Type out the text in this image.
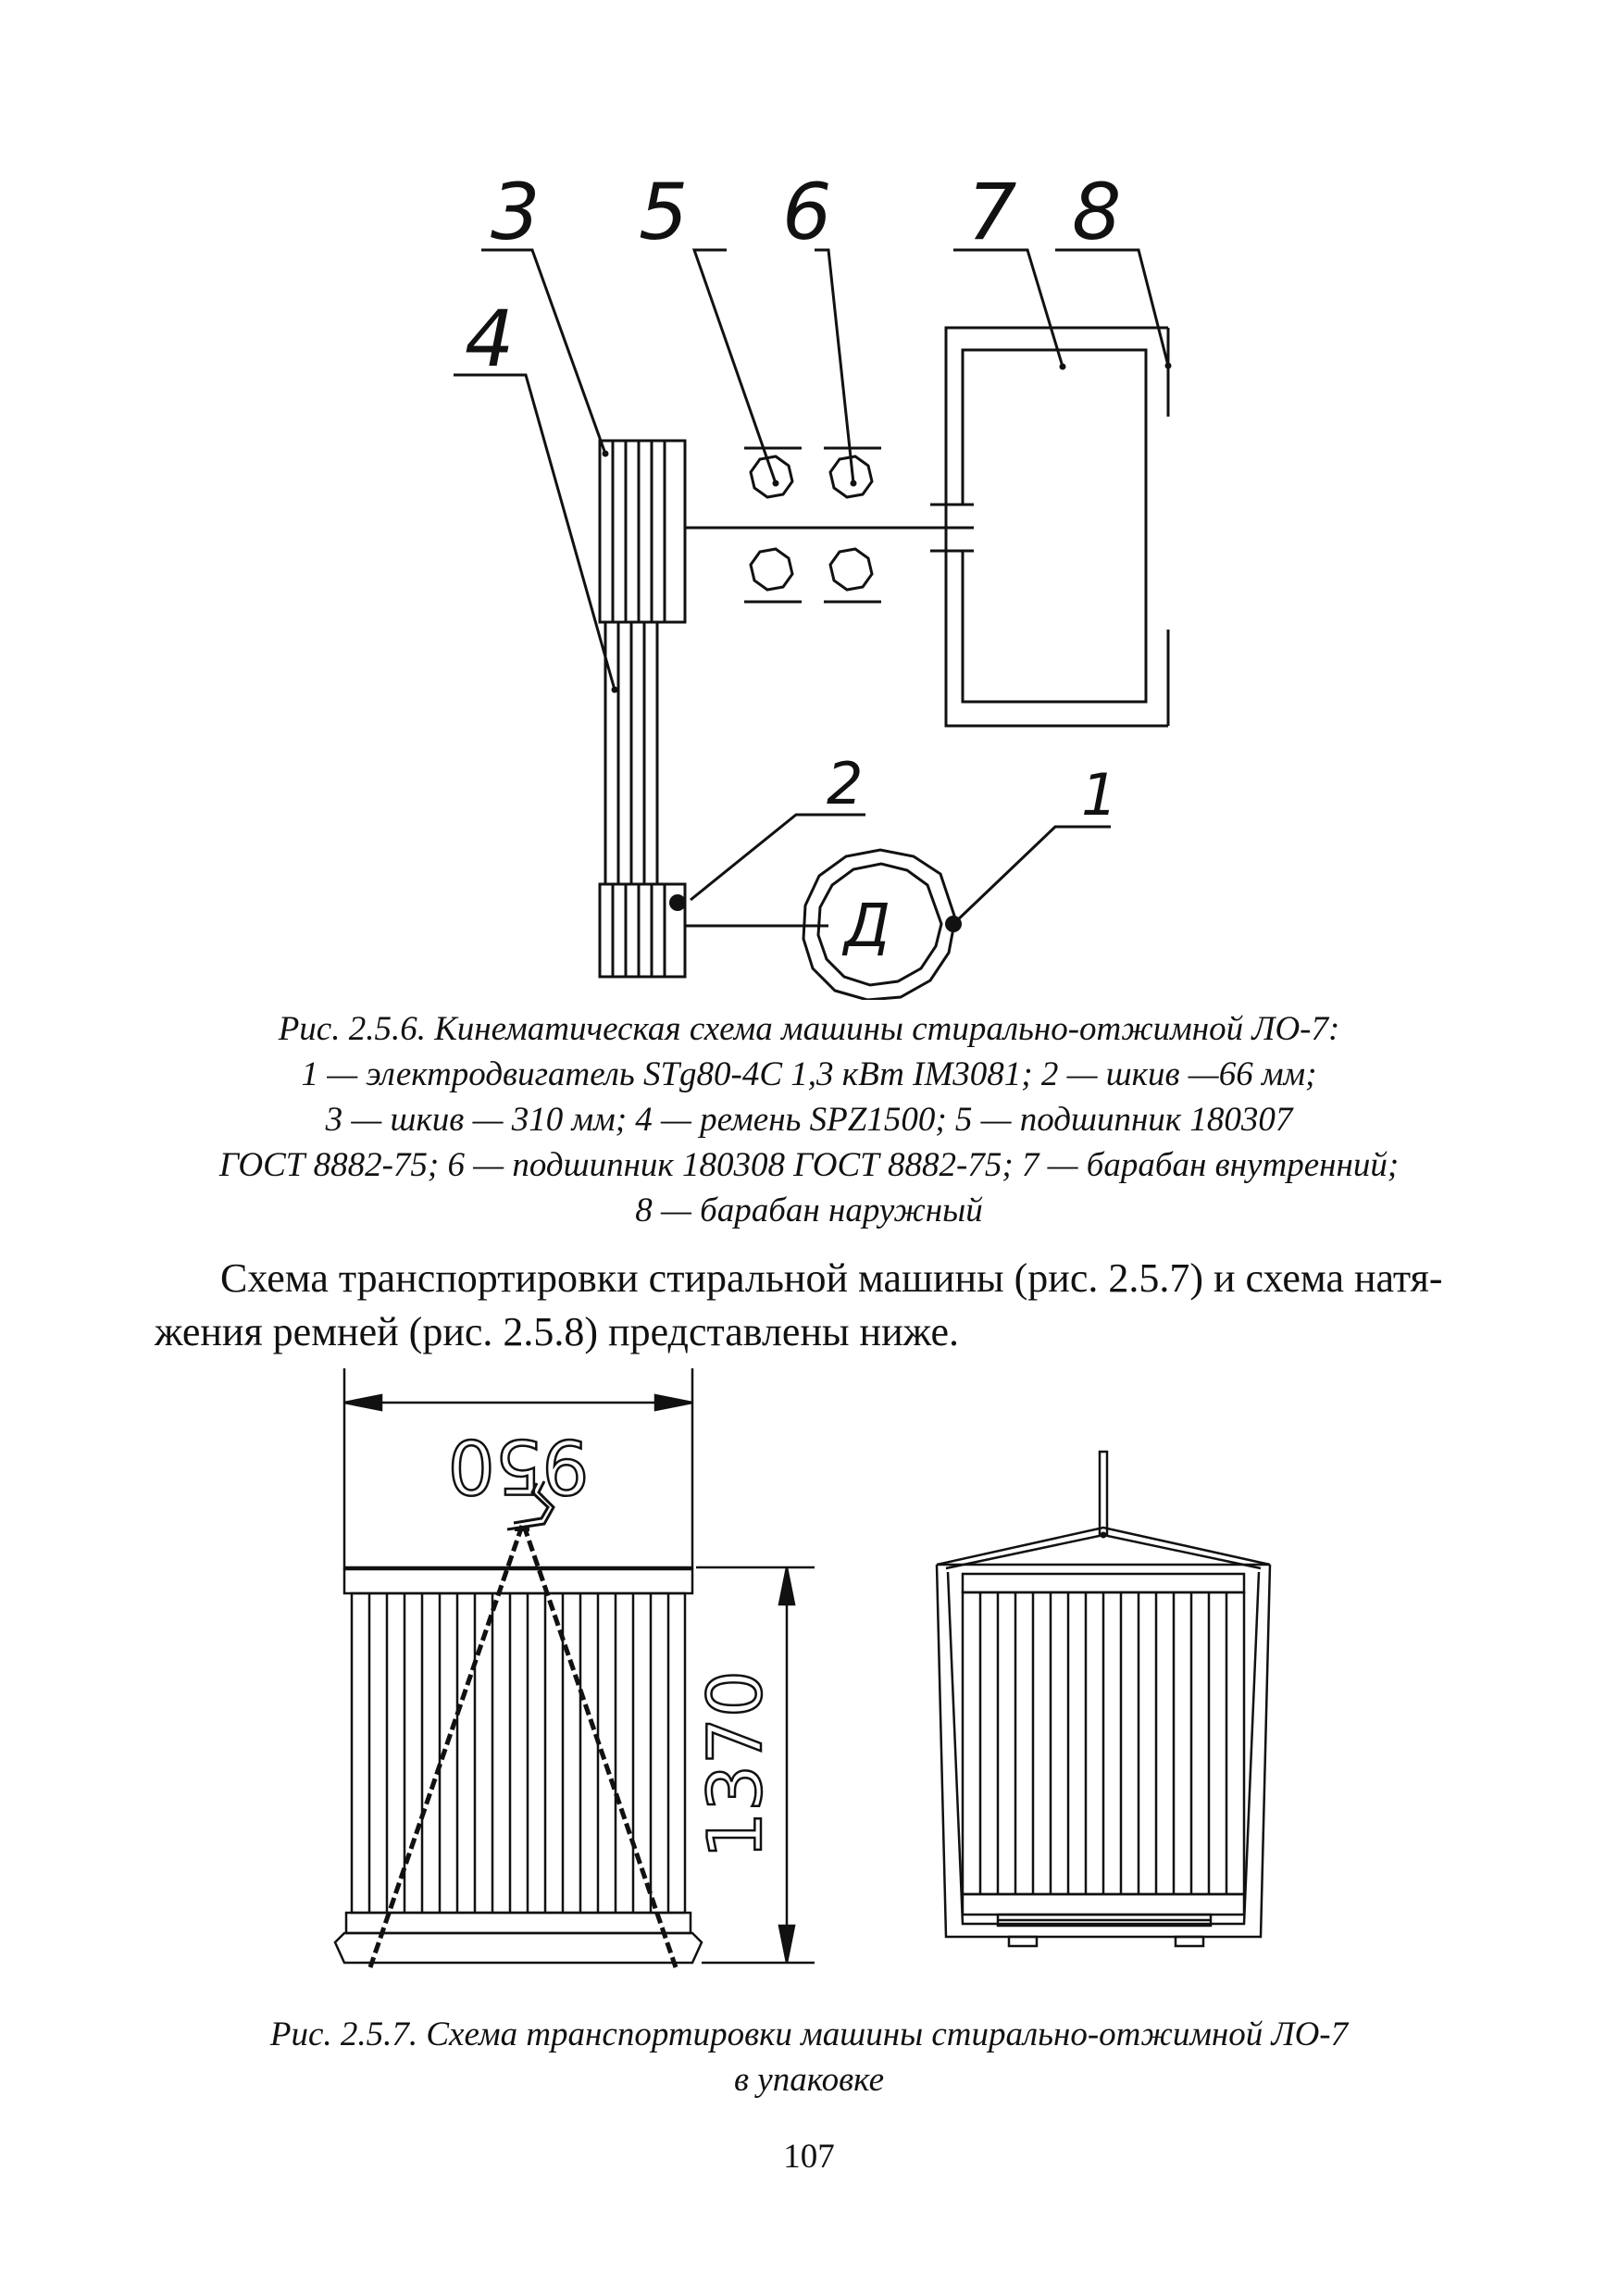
3 5 6 7 8
4
2	1
Д
Рис. 2.5.6. Кинематическая схема машины стирально-отжимной ЛО-7:
1 — электродвигатель STg80-4C 1,3 кВт IM3081; 2 — шкив —66 мм;
3 — шкив — 310 мм; 4 — ремень SPZ1500; 5 — подшипник 180307
ГОСТ 8882-75; 6 — подшипник 180308 ГОСТ 8882-75; 7 — барабан внутренний;
8 — барабан наружный
Схема транспортировки стиральной машины (рис. 2.5.7) и схема натя-
жения ремней (рис. 2.5.8) представлены ниже.
950
1370
Рис. 2.5.7. Схема транспортировки машины стирально-отжимной ЛО-7
в упаковке
107
